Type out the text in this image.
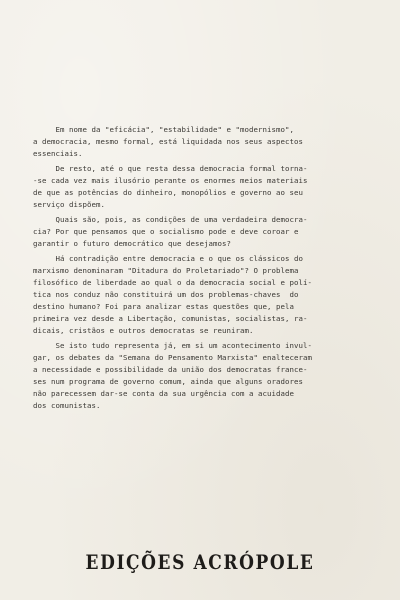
Em nome da "eficácia", "estabilidade" e "modernismo",
a democracia, mesmo formal, está liquidada nos seus aspectos
essenciais.
De resto, até o que resta dessa democracia formal torna-
-se cada vez mais ilusório perante os enormes meios materiais
de que as potências do dinheiro, monopólios e governo ao seu
serviço dispõem.
Quais são, pois, as condições de uma verdadeira democra-
cia? Por que pensamos que o socialismo pode e deve coroar e
garantir o futuro democrático que desejamos?
Há contradição entre democracia e o que os clássicos do
marxismo denominaram "Ditadura do Proletariado"? O problema
filosófico de liberdade ao qual o da democracia social e polí-
tica nos conduz não constituirá um dos problemas-chaves  do
destino humano? Foi para analizar estas questões que, pela
primeira vez desde a Libertação, comunistas, socialistas, ra-
dicais, cristãos e outros democratas se reuniram.
Se isto tudo representa já, em si um acontecimento invul-
gar, os debates da "Semana do Pensamento Marxista" enalteceram
a necessidade e possibilidade da união dos democratas france-
ses num programa de governo comum, ainda que alguns oradores
não parecessem dar-se conta da sua urgência com a acuidade
dos comunistas.
EDIÇÕES ACRÓPOLE
